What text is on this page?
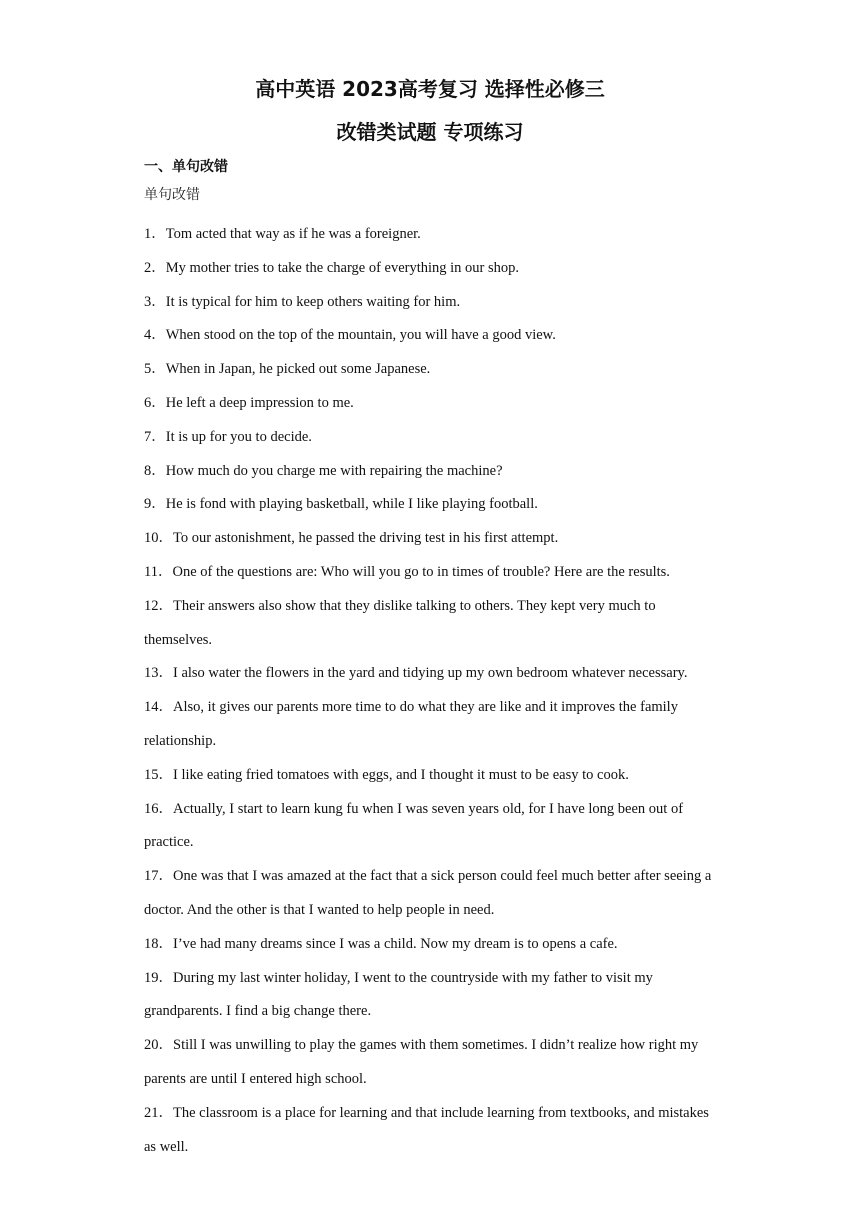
高中英语 2023高考复习 选择性必修三
改错类试题 专项练习

一、单句改错

单句改错

1 ． Tom acted that way as if he was a foreigner.
2 ． My mother tries to take the charge of everything in our shop.
3 ． It is typical for him to keep others waiting for him.
4 ． When stood on the top of the mountain, you will have a good view.
5 ． When in Japan, he picked out some Japanese.
6 ． He left a deep impression to me.
7 ． It is up for you to decide.
8 ． How much do you charge me with repairing the machine?
9 ． He is fond with playing basketball, while I like playing football.
10 ． To our astonishment, he passed the driving test in his first attempt.
11 ． One of the questions are: Who will you go to in times of trouble? Here are the results.
12 ． Their answers also show that they dislike talking to others. They kept very much to themselves.
13 ． I also water the flowers in the yard and tidying up my own bedroom whatever necessary.
14 ． Also, it gives our parents more time to do what they are like and it improves the family relationship.
15 ． I like eating fried tomatoes with eggs, and I thought it must to be easy to cook.
16 ． Actually, I start to learn kung fu when I was seven years old, for I have long been out of practice.
17 ． One was that I was amazed at the fact that a sick person could feel much better after seeing a doctor. And the other is that I wanted to help people in need.
18 ． I’ve had many dreams since I was a child. Now my dream is to opens a cafe.
19 ． During my last winter holiday, I went to the countryside with my father to visit my grandparents. I find a big change there.
20 ． Still I was unwilling to play the games with them sometimes. I didn’t realize how right my parents are until I entered high school.
21 ． The classroom is a place for learning and that include learning from textbooks, and mistakes as well.
